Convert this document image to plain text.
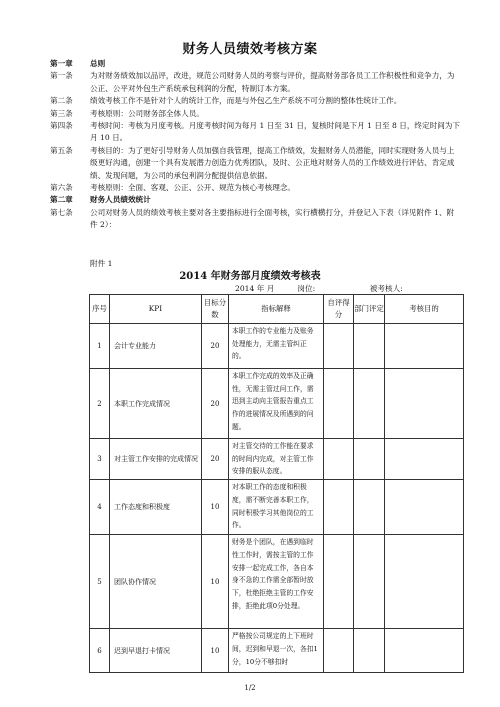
财务人员绩效考核方案
第一章	总则
第一条	为对财务绩效加以品评，改进，规范公司财务人员的考察与评价，提高财务部各员工工作积极性和竞争力，为公正、公平对外包生产系统承包利润的分配，特制订本方案。
第二条	绩效考核工作不是针对个人的统计工作，而是与外包乙生产系统不可分割的整体性统计工作。
第三条	考核原则：公司财务部全体人员。
第四条	考核时间：考核为月度考核。月度考核时间为每月 1 日至 31 日，复核时间是下月 1 日至 8 日，终定时间为下月 10 日。
第五条	考核目的：为了更好引导财务人员加强自我管理，提高工作绩效，发掘财务人员潜能，同时实现财务人员与上级更好沟通，创建一个具有发展潜力创造力优秀团队，及时、公正地对财务人员的工作绩效进行评估、肯定成绩、发现问题，为公司的承包利润分配提供信息依据。
第六条	考核原则：全面、客观、公正、公开、规范为核心考核理念。
第二章	财务人员绩效统计
第七条	公司对财务人员的绩效考核主要对各主要指标进行全面考核，实行横横打分，并登记入下表（详见附件 1、附件 2）：
附件 1
2014 年财务部月度绩效考核表
2014 年 月	岗位:	被考核人:
序号	KPI	目标分数	指标解释	自评得分	部门评定	考核目的
1	会计专业能力	20	本职工作的专业能力及账务处理能力，无需主管纠正的。			
2	本职工作完成情况	20	本职工作完成的效率及正确性，无需主管过问工作，需迅到主动向主管报告重点工作的进展情况及所遇到的问题。			
3	对主管工作安排的完成情况	20	对主管交待的工作能在要求的时间内完成，对主管工作安排的服从态度。			
4	工作态度和积极度	10	对本职工作的态度和积极度，需不断完善本职工作，同时积极学习其他岗位的工作。			
5	团队协作情况	10	财务是个团队，在遇到临时性工作时，需按主管的工作安排一起完成工作，各自本身不急的工作需全部暂时放下，杜绝拒绝主管的工作安排，拒绝此项0分处理。			
6	迟到早退打卡情况	10	严格按公司规定的上下班时间，迟到和早退一次，各扣1分，10分不够扣时			
1/2
